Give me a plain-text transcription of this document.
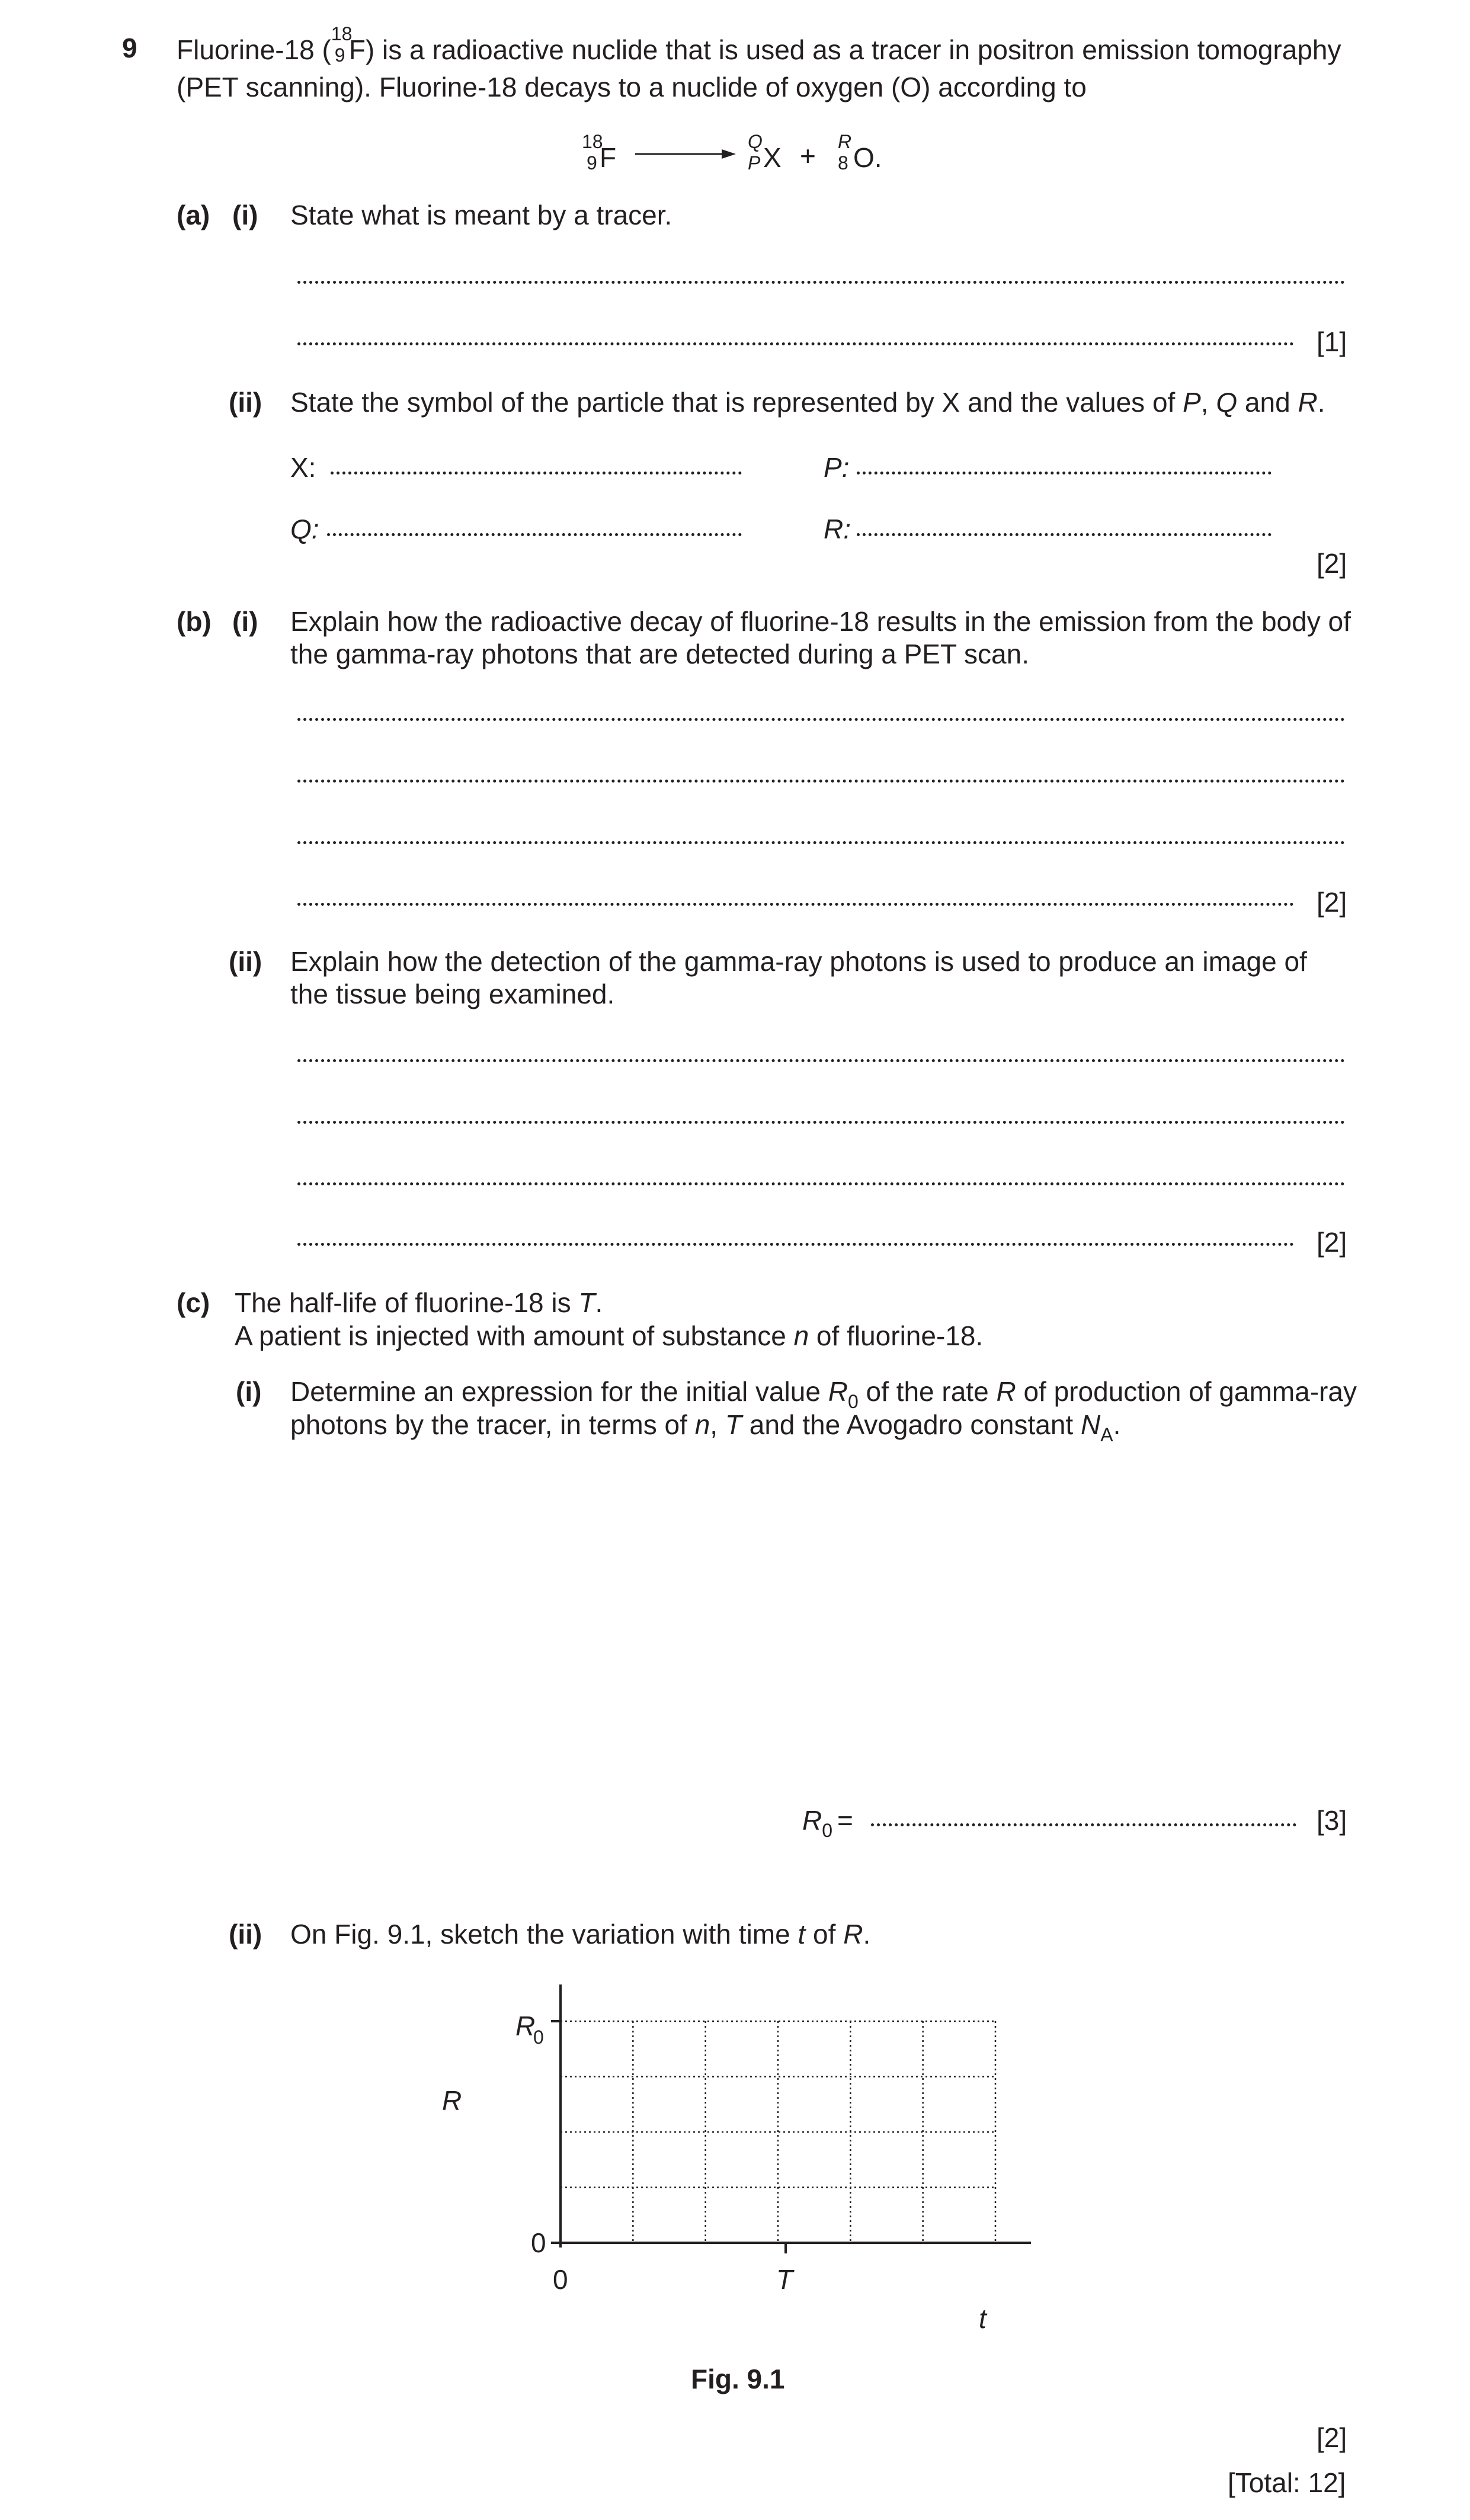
9 Fluorine-18 (
18
9 F) is a radioactive nuclide that is used as a tracer in positron emission tomography
(PET scanning). Fluorine-18 decays to a nuclide of oxygen (O) according to
18
9 F →
Q
P X + R
8 O.
(a) (i) State what is meant by a tracer.
[1]
(ii) State the symbol of the particle that is represented by X and the values of P, Q and R.
X:	P:
Q:	R:
[2]
(b) (i) Explain how the radioactive decay of fluorine-18 results in the emission from the body of the gamma-ray photons that are detected during a PET scan.
[2]
(ii) Explain how the detection of the gamma-ray photons is used to produce an image of the tissue being examined.
[2]
(c) The half-life of fluorine-18 is T.
A patient is injected with amount of substance n of fluorine-18.
(i) Determine an expression for the initial value $R_0$ of the rate R of production of gamma-ray
photons by the tracer, in terms of n, T and the Avogadro constant $N_A$.
$R_0$ =	[3]
(ii) On Fig. 9.1, sketch the variation with time t of R.
R
0
0
0	T
R
t
Fig. 9.1
[2]
[Total: 12]
